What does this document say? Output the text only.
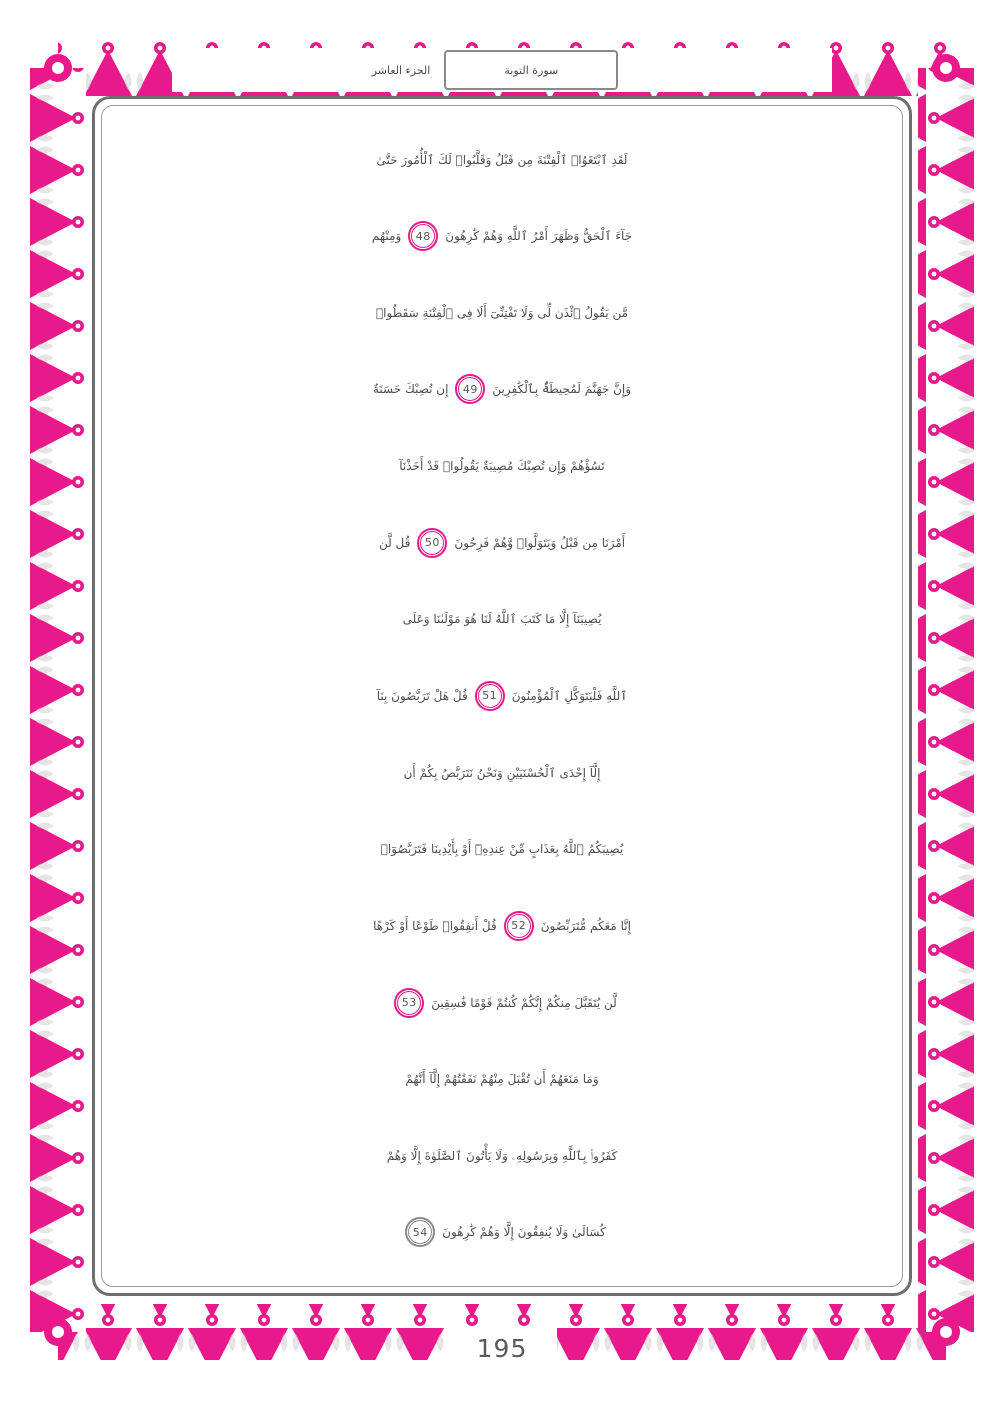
الجزء العاشر	سورة التوبة
لَقَدِ ٱبْتَغَوُا۟ ٱلْفِتْنَةَ مِن قَبْلُ وَقَلَّبُوا۟ لَكَ ٱلْأُمُورَ حَتَّىٰ
جَآءَ ٱلْحَقُّ وَظَهَرَ أَمْرُ ٱللَّهِ وَهُمْ كَٰرِهُونَ
48
وَمِنْهُم
مَّن يَقُولُ ٱئْذَن لِّى وَلَا تَفْتِنِّىٓ أَلَا فِى ٱلْفِتْنَةِ سَقَطُوا۟
وَإِنَّ جَهَنَّمَ لَمُحِيطَةٌۢ بِٱلْكَٰفِرِينَ
49
إِن تُصِبْكَ حَسَنَةٌ
تَسُؤْهُمْ وَإِن تُصِبْكَ مُصِيبَةٌ يَقُولُوا۟ قَدْ أَخَذْنَآ
أَمْرَنَا مِن قَبْلُ وَيَتَوَلَّوا۟ وَّهُمْ فَرِحُونَ
50
قُل لَّن
يُصِيبَنَآ إِلَّا مَا كَتَبَ ٱللَّهُ لَنَا هُوَ مَوْلَىٰنَا وَعَلَى
ٱللَّهِ فَلْيَتَوَكَّلِ ٱلْمُؤْمِنُونَ
51
قُلْ هَلْ تَرَبَّصُونَ بِنَآ
إِلَّآ إِحْدَى ٱلْحُسْنَيَيْنِ وَنَحْنُ نَتَرَبَّصُ بِكُمْ أَن
يُصِيبَكُمُ ٱللَّهُ بِعَذَابٍ مِّنْ عِندِهِۦٓ أَوْ بِأَيْدِينَا فَتَرَبَّصُوٓا۟
إِنَّا مَعَكُم مُّتَرَبِّصُونَ
52
قُلْ أَنفِقُوا۟ طَوْعًا أَوْ كَرْهًا
لَّن يُتَقَبَّلَ مِنكُمْ إِنَّكُمْ كُنتُمْ قَوْمًا فَٰسِقِينَ
53
وَمَا مَنَعَهُمْ أَن تُقْبَلَ مِنْهُمْ نَفَقَٰتُهُمْ إِلَّآ أَنَّهُمْ
كَفَرُوا۟ بِٱللَّهِ وَبِرَسُولِهِۦ وَلَا يَأْتُونَ ٱلصَّلَوٰةَ إِلَّا وَهُمْ
كُسَالَىٰ وَلَا يُنفِقُونَ إِلَّا وَهُمْ كَٰرِهُونَ
54
195
